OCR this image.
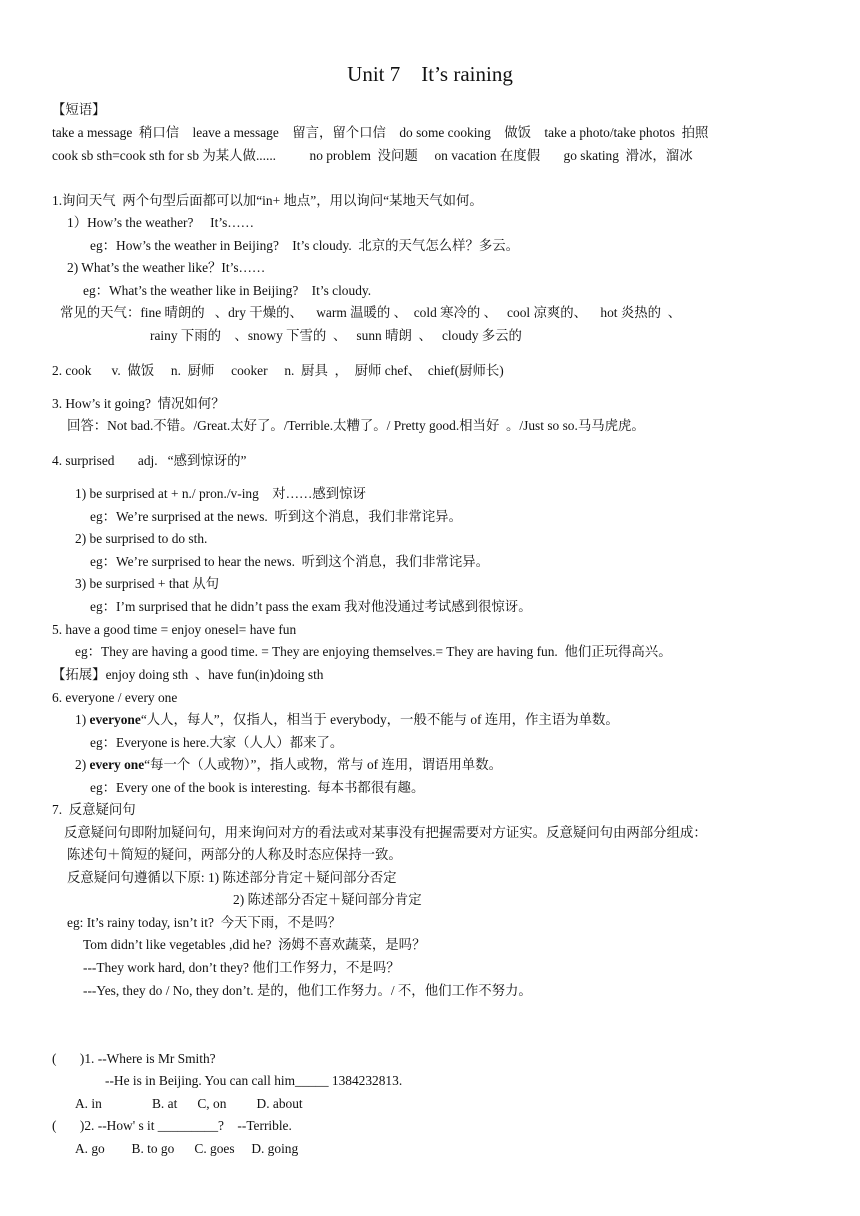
Unit 7    It’s raining
【短语】
take a message  稍口信    leave a message    留言，留个口信    do some cooking    做饭    take a photo/take photos  拍照
cook sb sth=cook sth for sb 为某人做......          no problem  没问题     on vacation 在度假       go skating  滑冰，溜冰
1.询问天气  两个句型后面都可以加“in+ 地点”，用以询问“某地天气如何。
1）How’s the weather?     It’s……
eg：How’s the weather in Beijing?    It’s cloudy.  北京的天气怎么样？多云。
2) What’s the weather like？It’s……
eg：What’s the weather like in Beijing?    It’s cloudy.
常见的天气：fine 晴朗的   、dry 干燥的、    warm 温暖的 、  cold 寒冷的 、   cool 凉爽的、    hot 炎热的  、
rainy 下雨的    、snowy 下雪的  、   sunn 晴朗  、   cloudy 多云的
2. cook      v.  做饭     n.  厨师     cooker     n.  厨具  ，  厨师 chef、  chief(厨师长)
3. How’s it going?  情况如何？
回答：Not bad.不错。/Great.太好了。/Terrible.太糟了。/ Pretty good.相当好  。/Just so so.马马虎虎。
4. surprised       adj.   “感到惊讶的”
1) be surprised at + n./ pron./v-ing    对……感到惊讶
eg：We’re surprised at the news.  听到这个消息，我们非常诧异。
2) be surprised to do sth.
eg：We’re surprised to hear the news.  听到这个消息，我们非常诧异。
3) be surprised + that 从句
eg：I’m surprised that he didn’t pass the exam 我对他没通过考试感到很惊讶。
5. have a good time = enjoy onesel= have fun
eg：They are having a good time. = They are enjoying themselves.= They are having fun.  他们正玩得高兴。
【拓展】enjoy doing sth  、have fun(in)doing sth
6. everyone / every one
1) everyone“人人，每人”，仅指人，相当于 everybody，一般不能与 of 连用，作主语为单数。
eg：Everyone is here.大家（人人）都来了。
2) every one“每一个（人或物）”，指人或物，常与 of 连用，谓语用单数。
eg：Every one of the book is interesting.  每本书都很有趣。
7.  反意疑问句
反意疑问句即附加疑问句，用来询问对方的看法或对某事没有把握需要对方证实。反意疑问句由两部分组成：
陈述句＋简短的疑问，两部分的人称及时态应保持一致。
反意疑问句遵循以下原: 1) 陈述部分肯定＋疑问部分否定
2) 陈述部分否定＋疑问部分肯定
eg: It’s rainy today, isn’t it?  今天下雨，不是吗？
Tom didn’t like vegetables ,did he?  汤姆不喜欢蔬菜，是吗？
---They work hard, don’t they? 他们工作努力，不是吗？
---Yes, they do / No, they don’t. 是的，他们工作努力。/ 不，他们工作不努力。
(       )1. --Where is Mr Smith?
--He is in Beijing. You can call him_____ 1384232813.
A. in               B. at      C, on         D. about
(       )2. --How' s it _________?    --Terrible.
A. go        B. to go      C. goes     D. going
